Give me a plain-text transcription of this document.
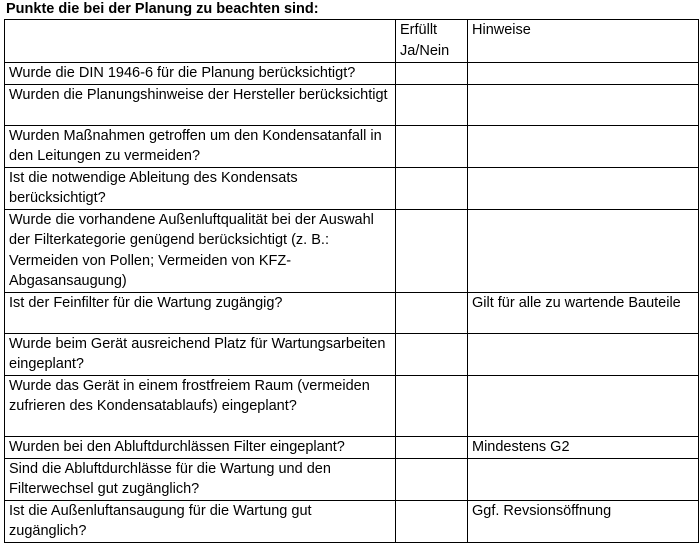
Punkte die bei der Planung zu beachten sind:
	Erfüllt Ja/Nein	Hinweise
Wurde die DIN 1946-6 für die Planung berücksichtigt?		
Wurden die Planungshinweise der Hersteller berücksichtigt		
Wurden Maßnahmen getroffen um den Kondensatanfall in den Leitungen zu vermeiden?		
Ist die notwendige Ableitung des Kondensats berücksichtigt?		
Wurde die vorhandene Außenluftqualität bei der Auswahl der Filterkategorie genügend berücksichtigt (z. B.: Vermeiden von Pollen; Vermeiden von KFZ-Abgasansaugung)		
Ist der Feinfilter für die Wartung zugängig?		Gilt für alle zu wartende Bauteile
Wurde beim Gerät ausreichend Platz für Wartungsarbeiten eingeplant?		
Wurde das Gerät in einem frostfreiem Raum (vermeiden zufrieren des Kondensatablaufs) eingeplant?		
Wurden bei den Abluftdurchlässen Filter eingeplant?		Mindestens G2
Sind die Abluftdurchlässe für die Wartung und den Filterwechsel gut zugänglich?		
Ist die Außenluftansaugung für die Wartung gut zugänglich?		Ggf. Revsionsöffnung
